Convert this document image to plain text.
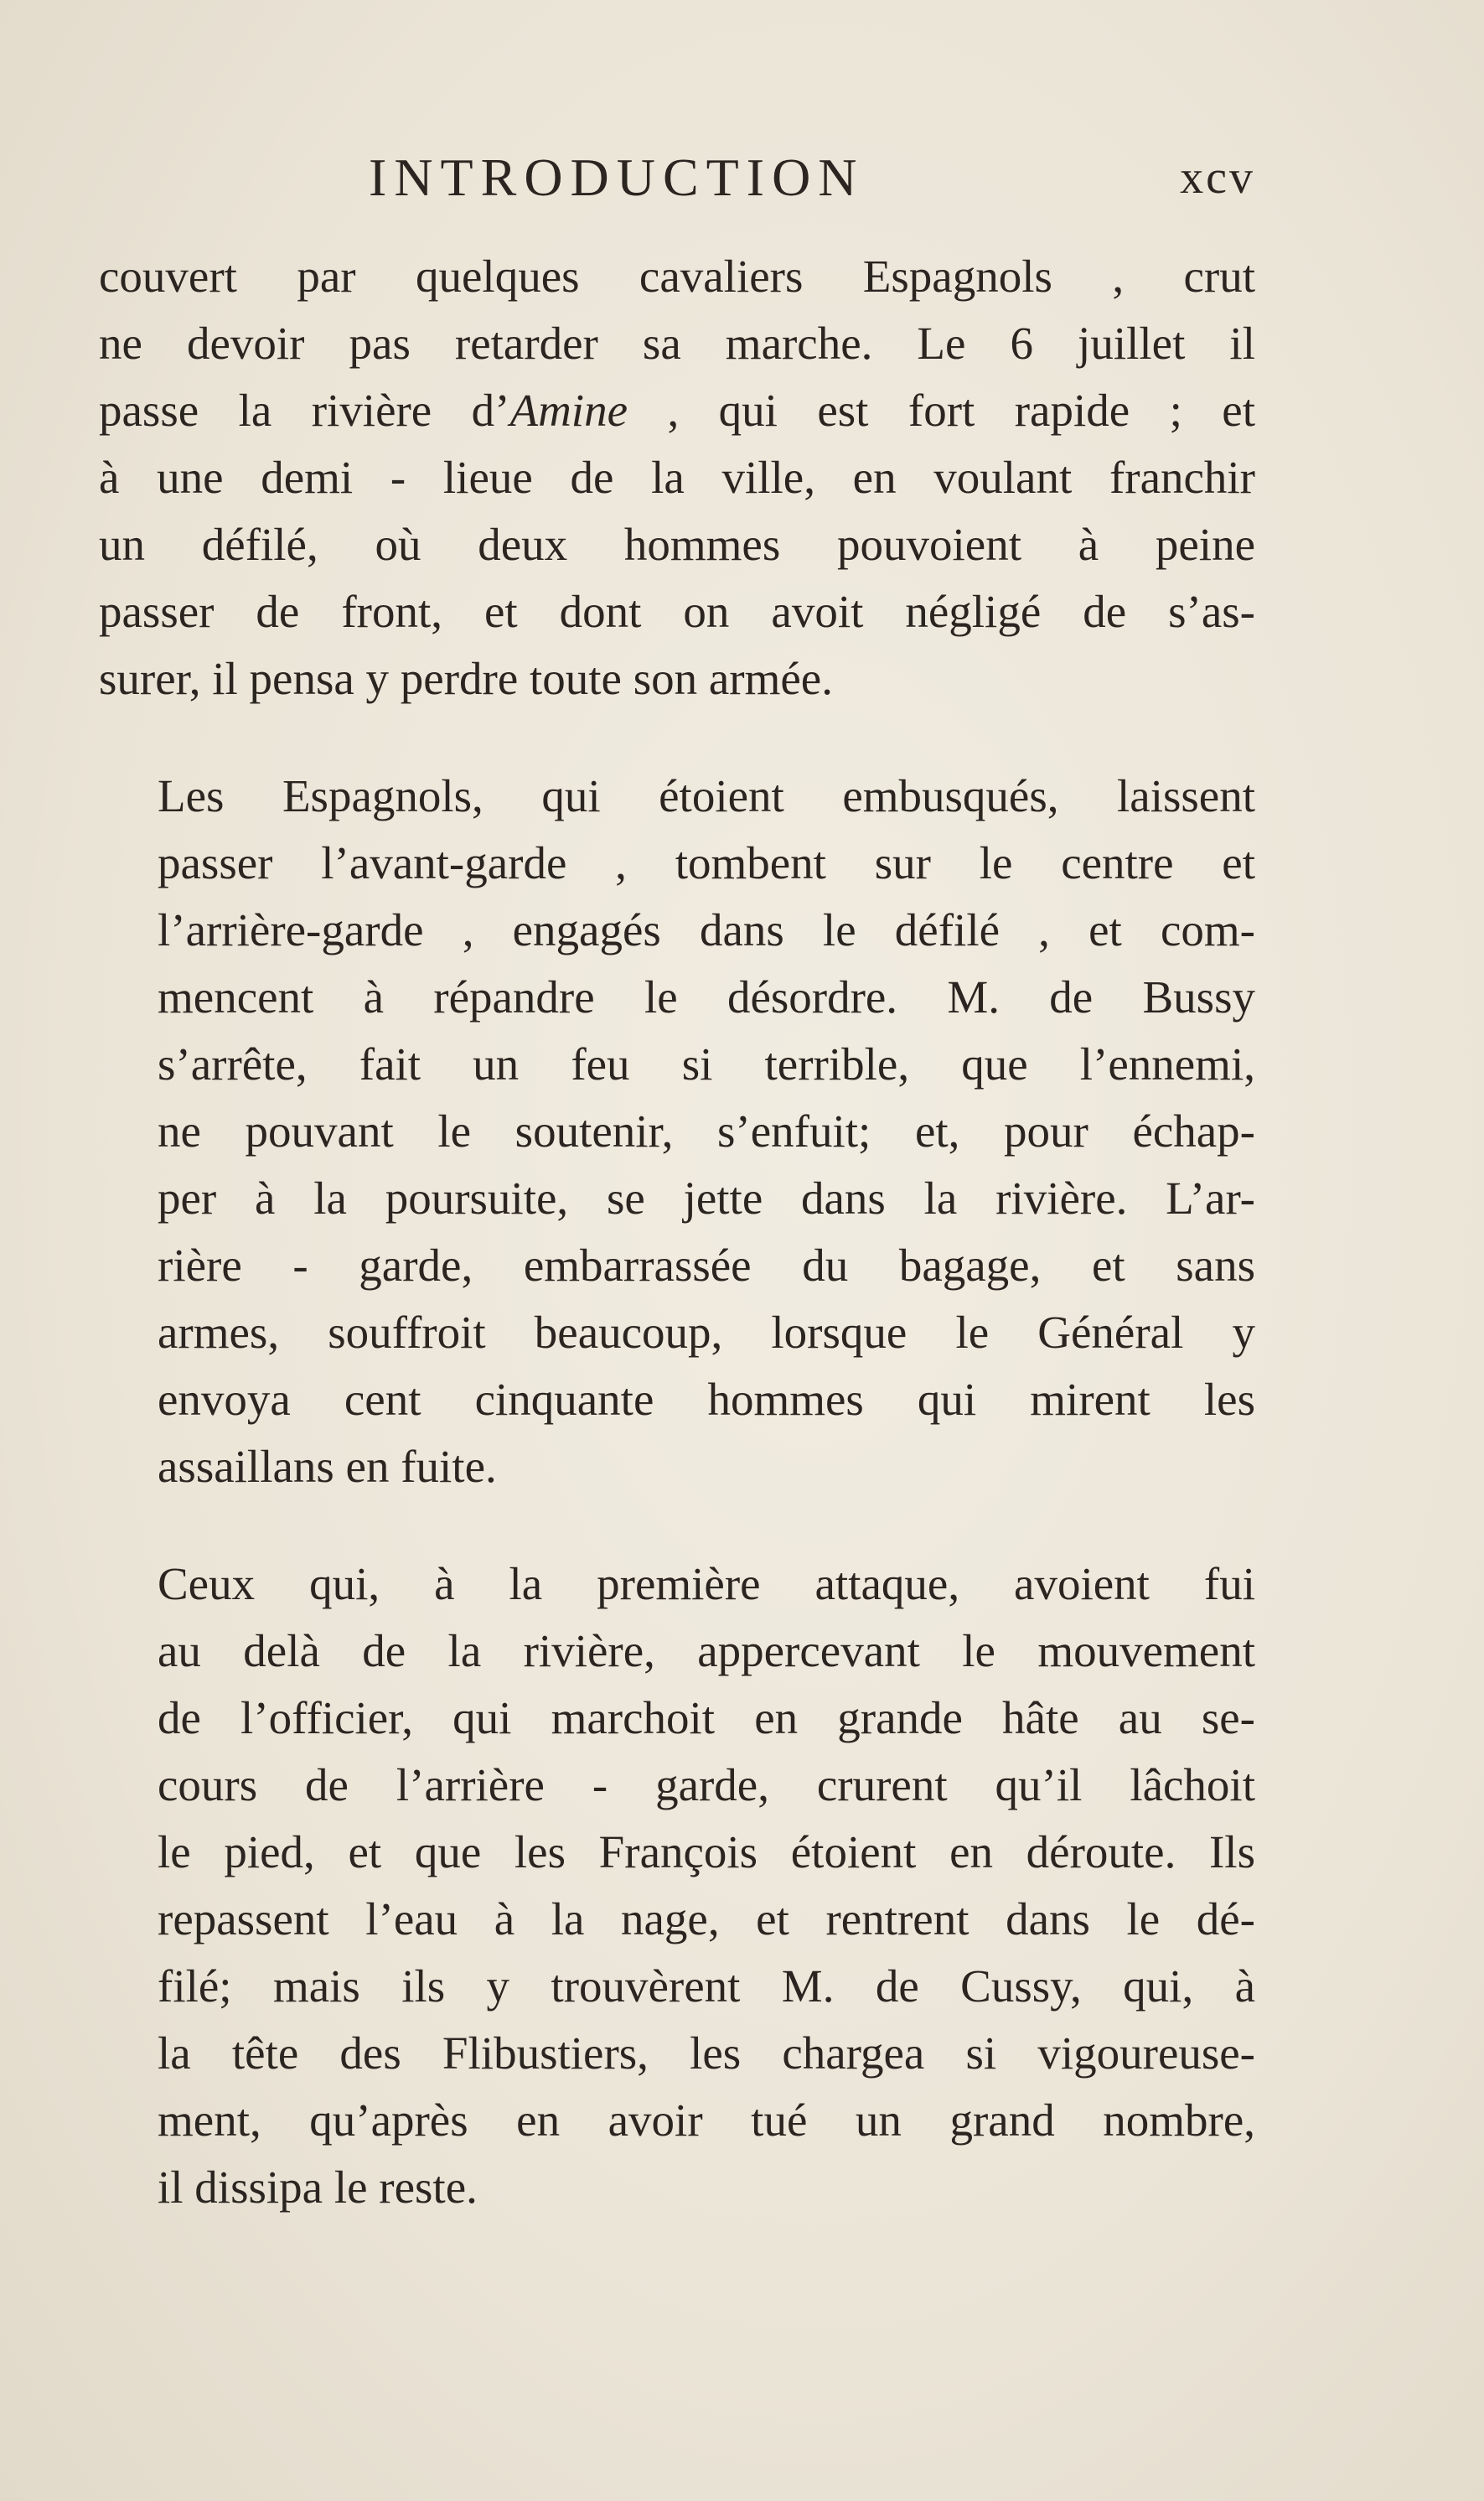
INTRODUCTION	xcv

couvert par quelques cavaliers Espagnols , crut
ne devoir pas retarder sa marche. Le 6 juillet il
passe la rivière d’Amine , qui est fort rapide ; et
à une demi - lieue de la ville, en voulant franchir
un défilé, où deux hommes pouvoient à peine
passer de front, et dont on avoit négligé de s’as-
surer, il pensa y perdre toute son armée.

Les Espagnols, qui étoient embusqués, laissent
passer l’avant-garde , tombent sur le centre et
l’arrière-garde , engagés dans le défilé , et com-
mencent à répandre le désordre. M. de Bussy
s’arrête, fait un feu si terrible, que l’ennemi,
ne pouvant le soutenir, s’enfuit; et, pour échap-
per à la poursuite, se jette dans la rivière. L’ar-
rière - garde, embarrassée du bagage, et sans
armes, souffroit beaucoup, lorsque le Général y
envoya cent cinquante hommes qui mirent les
assaillans en fuite.

Ceux qui, à la première attaque, avoient fui
au delà de la rivière, appercevant le mouvement
de l’officier, qui marchoit en grande hâte au se-
cours de l’arrière - garde, crurent qu’il lâchoit
le pied, et que les François étoient en déroute. Ils
repassent l’eau à la nage, et rentrent dans le dé-
filé; mais ils y trouvèrent M. de Cussy, qui, à
la tête des Flibustiers, les chargea si vigoureuse-
ment, qu’après en avoir tué un grand nombre,
il dissipa le reste.
